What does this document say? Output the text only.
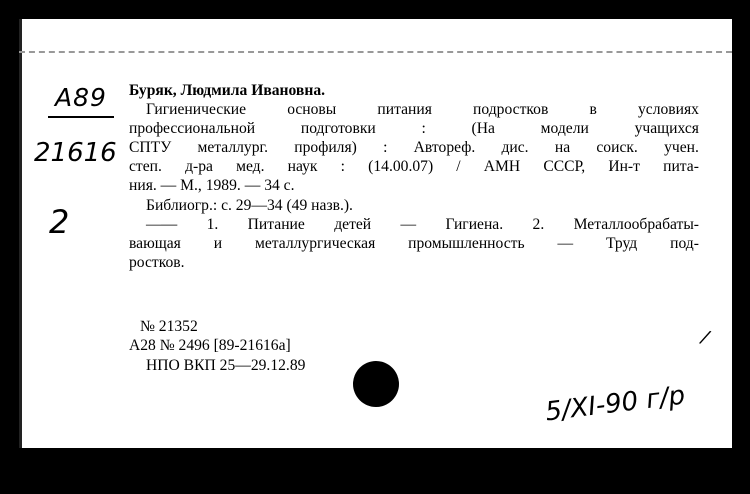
A89
21616
2
Буряк, Людмила Ивановна.
Гигиенические	основы	питания	подростков	в	условиях
профессиональной	подготовки	:	(На	модели	учащихся
СПТУ металлург. профиля) : Автореф. дис. на соиск. учен.
степ. д-ра мед. наук : (14.00.07) / АМН СССР, Ин-т пита-
ния. — М., 1989. — 34 с.
Библиогр.: с. 29—34 (49 назв.).
—— 1. Питание детей — Гигиена. 2. Металлообрабаты-
вающая и металлургическая промышленность — Труд под-
ростков.
№ 21352
А28 № 2496 [89-21616а]
НПО ВКП 25—29.12.89
5/XI-90 г/р
/
